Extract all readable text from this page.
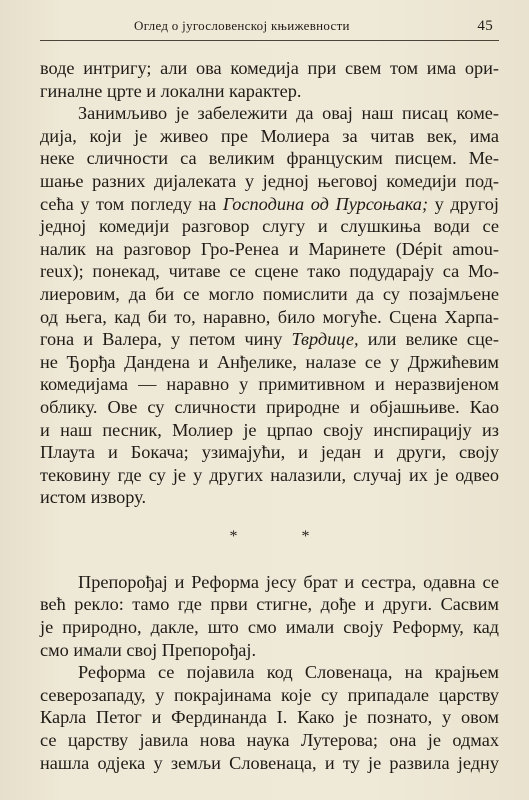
Оглед о југословенској књижевности	45
воде интригу; али ова комедија при свем том има ори-
гиналне црте и локални карактер.
Занимљиво је забележити да овај наш писац коме-
дија, који је живео пре Молиера за читав век, има
неке сличности са великим француским писцем. Ме-
шање разних дијалеката у једној његовој комедији под-
сећа у том погледу на Господина од Пурсоњака; у другој
једној комедији разговор слугу и слушкиња води се
налик на разговор Гро-Ренеа и Маринете (Dépit amou-
reux); понекад, читаве се сцене тако подударају са Мо-
лиеровим, да би се могло помислити да су позајмљене
од њега, кад би то, наравно, било могуће. Сцена Харпа-
гона и Валера, у петом чину Тврдице, или велике сце-
не Ђорђа Дандена и Анђелике, налазе се у Држићевим
комедијама — наравно у примитивном и неразвијеном
облику. Ове су сличности природне и објашњиве. Као
и наш песник, Молиер је црпао своју инспирацију из
Плаута и Бокача; узимајући, и један и други, своју
тековину где су је у других налазили, случај их је одвео
истом извору.
* *
Препорођај и Реформа јесу брат и сестра, одавна се
већ рекло: тамо где први стигне, дође и други. Сасвим
је природно, дакле, што смо имали своју Реформу, кад
смо имали свој Препорођај.
Реформа се појавила код Словенаца, на крајњем
северозападу, у покрајинама које су припадале царству
Карла Петог и Фердинанда I. Како је познато, у овом
се царству јавила нова наука Лутерова; она је одмах
нашла одјека у земљи Словенаца, и ту је развила једну
